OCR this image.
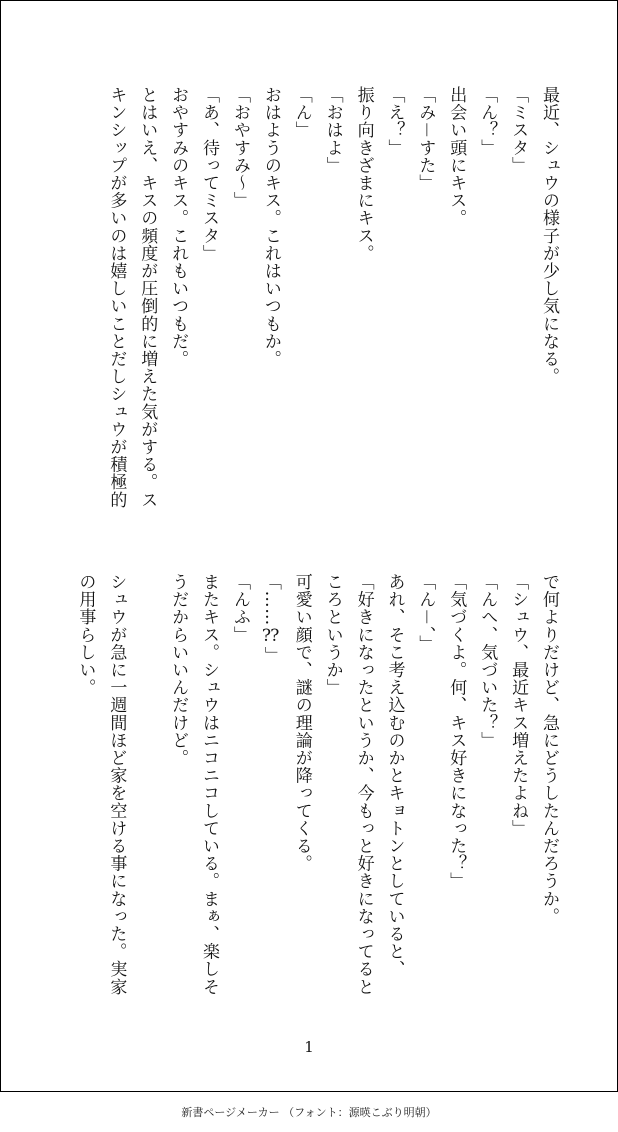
最近、シュウの様子が少し気になる。

「ミスタ」

「ん？」

出会い頭にキス。

「み－すた」

「え？」

振り向きざまにキス。

「おはよ」

「ん」

おはようのキス。これはいつもか。

「おやすみ～」

「あ、待ってミスタ」

おやすみのキス。これもいつもだ。

とはいえ、キスの頻度が圧倒的に増えた気がする。ス

キンシップが多いのは嬉しいことだしシュウが積極的

で何よりだけど、急にどうしたんだろうか。

「シュウ、最近キス増えたよね」

「んへ、気づいた？」

「気づくよ。何、キス好きになった？」

「ん－、」

あれ、そこ考え込むのかとキョトンとしていると、

「好きになったというか、今もっと好きになってると

ころというか」

可愛い顔で、謎の理論が降ってくる。

「……⁇」

「んふ」

またキス。シュウはニコニコしている。まぁ、楽しそ

うだからいいんだけど。

シュウが急に一週間ほど家を空ける事になった。実家

の用事らしい。

1
新書ページメーカー （フォント：源暎こぶり明朝）
